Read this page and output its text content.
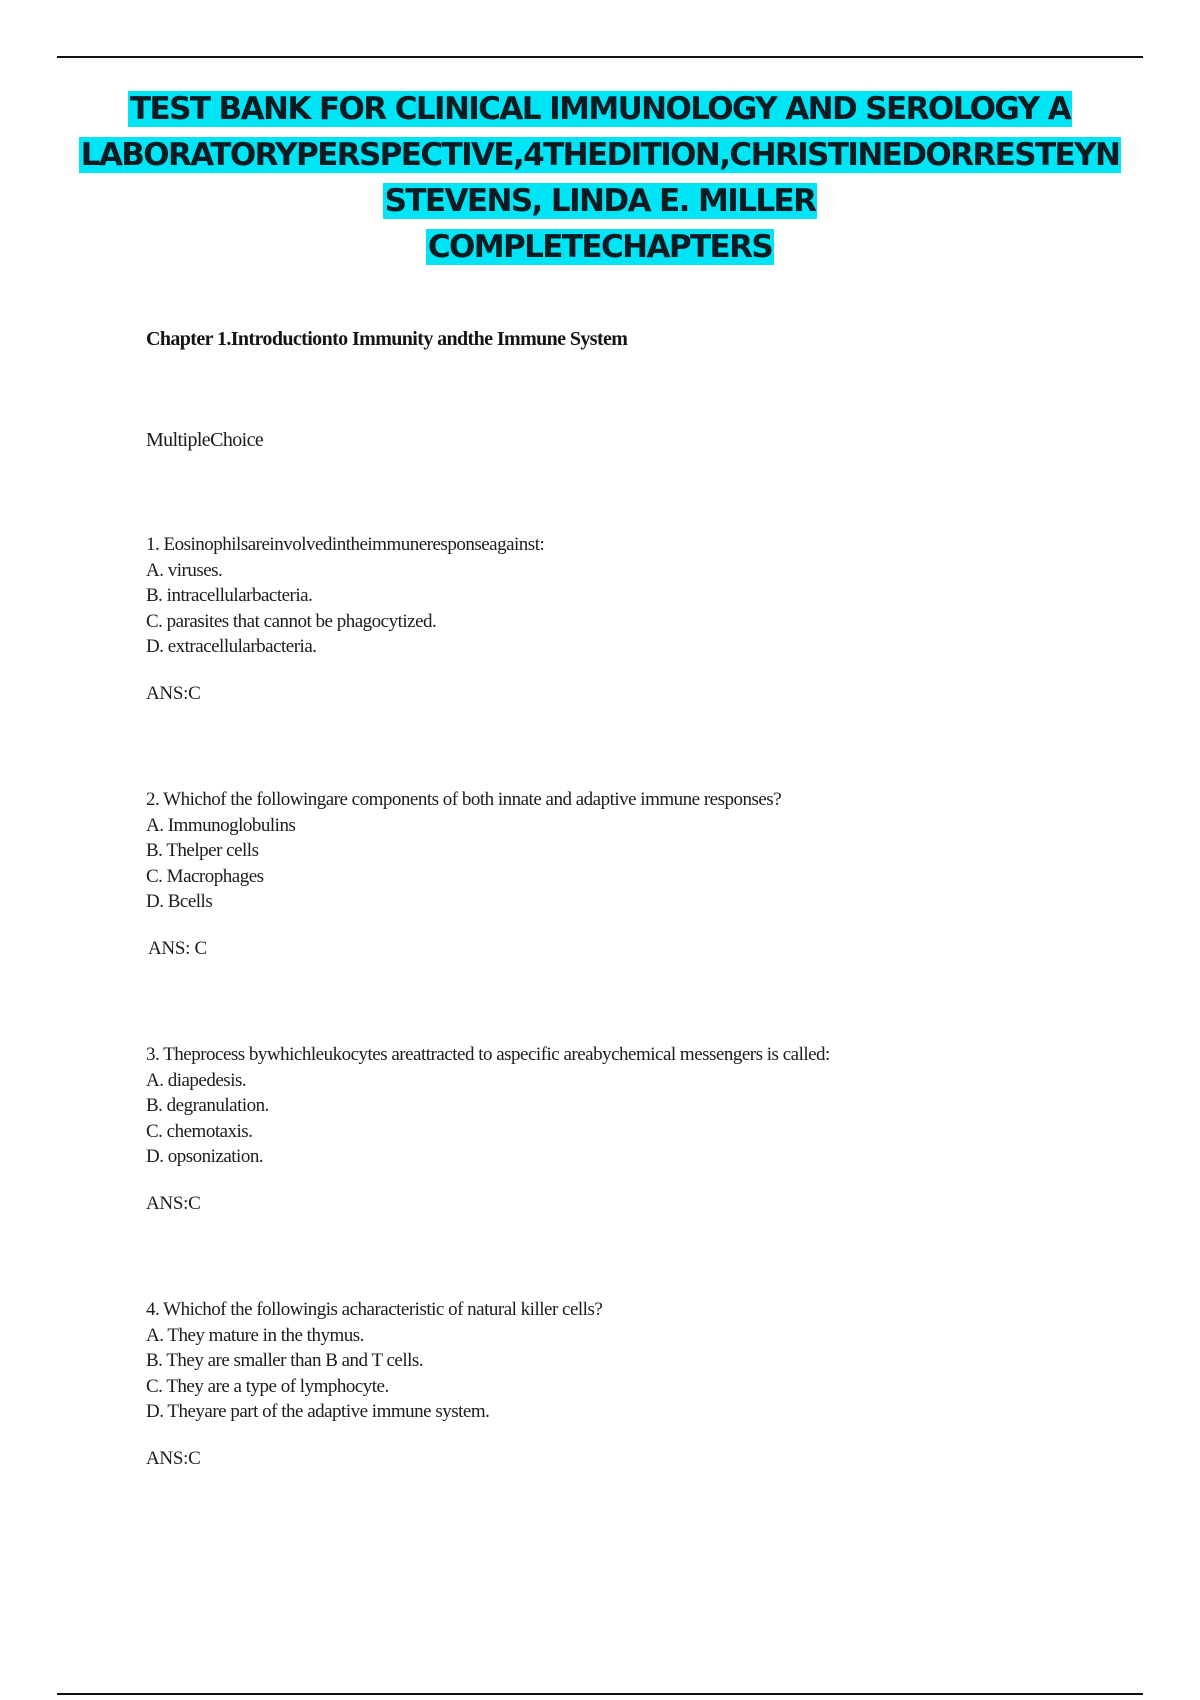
TEST BANK FOR CLINICAL IMMUNOLOGY AND SEROLOGY A
LABORATORYPERSPECTIVE,4THEDITION,CHRISTINEDORRESTEYN
STEVENS, LINDA E. MILLER
COMPLETECHAPTERS
Chapter 1.Introductionto Immunity andthe Immune System
MultipleChoice
1. Eosinophilsareinvolvedintheimmuneresponseagainst:
A. viruses.
B. intracellularbacteria.
C. parasites that cannot be phagocytized.
D. extracellularbacteria.
ANS:C
2. Whichof the followingare components of both innate and adaptive immune responses?
A. Immunoglobulins
B. Thelper cells
C. Macrophages
D. Bcells
ANS: C
3. Theprocess bywhichleukocytes areattracted to aspecific areabychemical messengers is called:
A. diapedesis.
B. degranulation.
C. chemotaxis.
D. opsonization.
ANS:C
4. Whichof the followingis acharacteristic of natural killer cells?
A. They mature in the thymus.
B. They are smaller than B and T cells.
C. They are a type of lymphocyte.
D. Theyare part of the adaptive immune system.
ANS:C
